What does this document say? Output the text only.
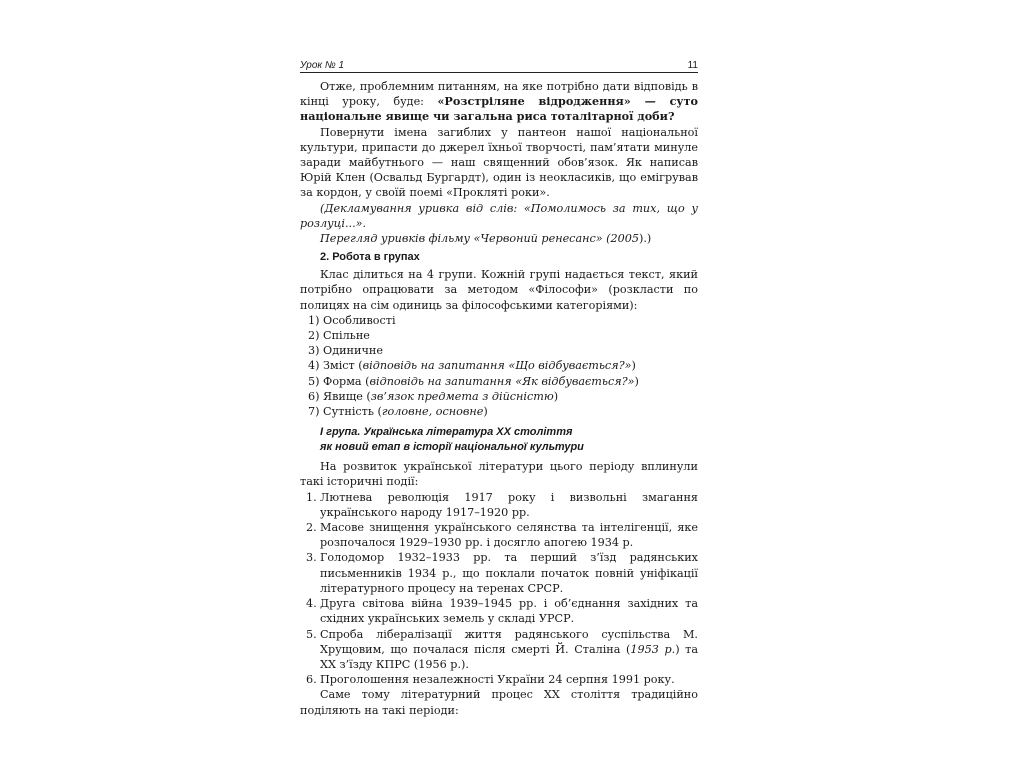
Урок № 1	11

Отже, проблемним питанням, на яке потрібно дати відповідь в кінці уроку, буде: «Розстріляне відродження» — суто національне явище чи загальна риса тоталітарної доби?

Повернути імена загиблих у пантеон нашої національної культури, припасти до джерел їхньої творчості, пам’ятати минуле заради майбутнього — наш священний обов’язок. Як написав Юрій Клен (Освальд Бургардт), один із неокласиків, що емігрував за кордон, у своїй поемі «Прокляті роки».

(Декламування уривка від слів: «Помолимось за тих, що у розлуці...».

Перегляд уривків фільму «Червоний ренесанс» (2005).)

2. Робота в групах

Клас ділиться на 4 групи. Кожній групі надається текст, який потрібно опрацювати за методом «Філософи» (розкласти по полицях на сім одиниць за філософськими категоріями):

1) Особливості
2) Спільне
3) Одиничне
4) Зміст (відповідь на запитання «Що відбувається?»)
5) Форма (відповідь на запитання «Як відбувається?»)
6) Явище (зв’язок предмета з дійсністю)
7) Сутність (головне, основне)
І група. Українська література ХХ століття
як новий етап в історії національної культури

На розвиток української літератури цього періоду вплинули такі історичні події:

1. Лютнева революція 1917 року і визвольні змагання українського народу 1917–1920 рр.
2. Масове знищення українського селянства та інтелігенції, яке розпочалося 1929–1930 рр. і досягло апогею 1934 р.
3. Голодомор 1932–1933 рр. та перший з’їзд радянських письменників 1934 р., що поклали початок повній уніфікації літературного процесу на теренах СРСР.
4. Друга світова війна 1939–1945 рр. і об’єднання західних та східних українських земель у складі УРСР.
5. Спроба лібералізації життя радянського суспільства М. Хрущовим, що почалася після смерті Й. Сталіна (1953 р.) та ХХ з’їзду КПРС (1956 р.).
6. Проголошення незалежності України 24 серпня 1991 року.

Саме тому літературний процес ХХ століття традиційно поділяють на такі періоди:
